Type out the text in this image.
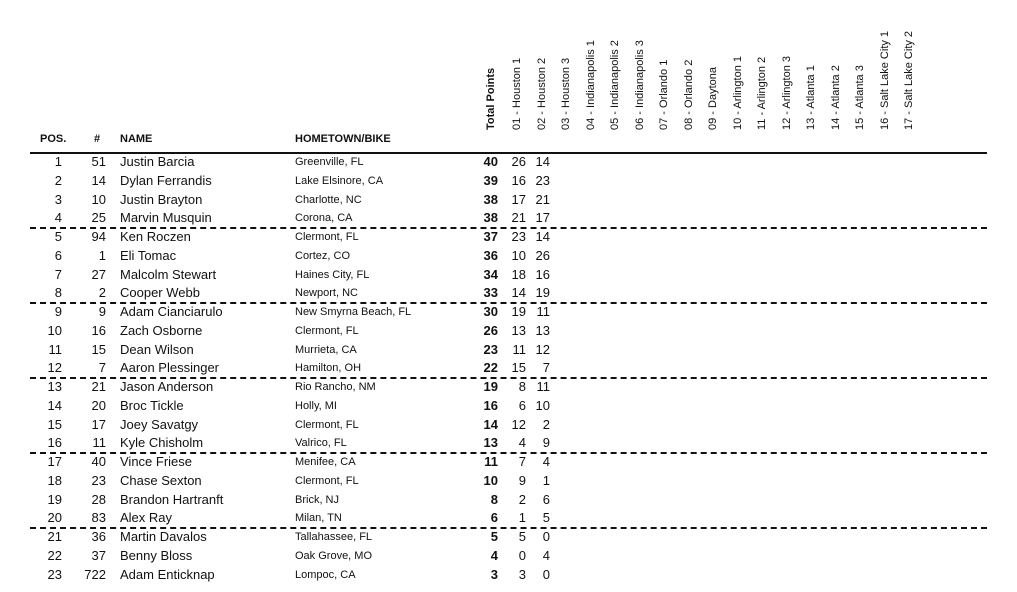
POS.	# NAME	HOMETOWN/BIKE
Total Points 01 - Houston 1 02 - Houston 2 03 - Houston 3 04 - Indianapolis 1 05 - Indianapolis 2 06 - Indianapolis 3 07 - Orlando 1 08 - Orlando 2 09 - Daytona 10 - Arlington 1 11 - Arlington 2 12 - Arlington 3 13 - Atlanta 1 14 - Atlanta 2 15 - Atlanta 3 16 - Salt Lake City 1 17 - Salt Lake City 2
1	51 Justin Barcia	Greenville, FL	40	26 14
2	14 Dylan Ferrandis	Lake Elsinore, CA	39	16 23
3	10 Justin Brayton	Charlotte, NC	38	17 21
4	25 Marvin Musquin	Corona, CA	38	21 17
5	94 Ken Roczen	Clermont, FL	37	23 14
6	1 Eli Tomac	Cortez, CO	36	10 26
7	27 Malcolm Stewart	Haines City, FL	34	18 16
8	2 Cooper Webb	Newport, NC	33	14 19
9	9 Adam Cianciarulo	New Smyrna Beach, FL	30	19 11
10	16 Zach Osborne	Clermont, FL	26	13 13
11	15 Dean Wilson	Murrieta, CA	23	11 12
12	7 Aaron Plessinger	Hamilton, OH	22	15	7
13	21 Jason Anderson	Rio Rancho, NM	19	8 11
14	20 Broc Tickle	Holly, MI	16	6 10
15	17 Joey Savatgy	Clermont, FL	14	12	2
16	11 Kyle Chisholm	Valrico, FL	13	4	9
17	40 Vince Friese	Menifee, CA	11	7	4
18	23 Chase Sexton	Clermont, FL	10	9	1
19	28 Brandon Hartranft	Brick, NJ	8	2	6
20	83 Alex Ray	Milan, TN	6	1	5
21	36 Martin Davalos	Tallahassee, FL	5	5	0
22	37 Benny Bloss	Oak Grove, MO	4	0	4
23	722 Adam Enticknap	Lompoc, CA	3	3	0
